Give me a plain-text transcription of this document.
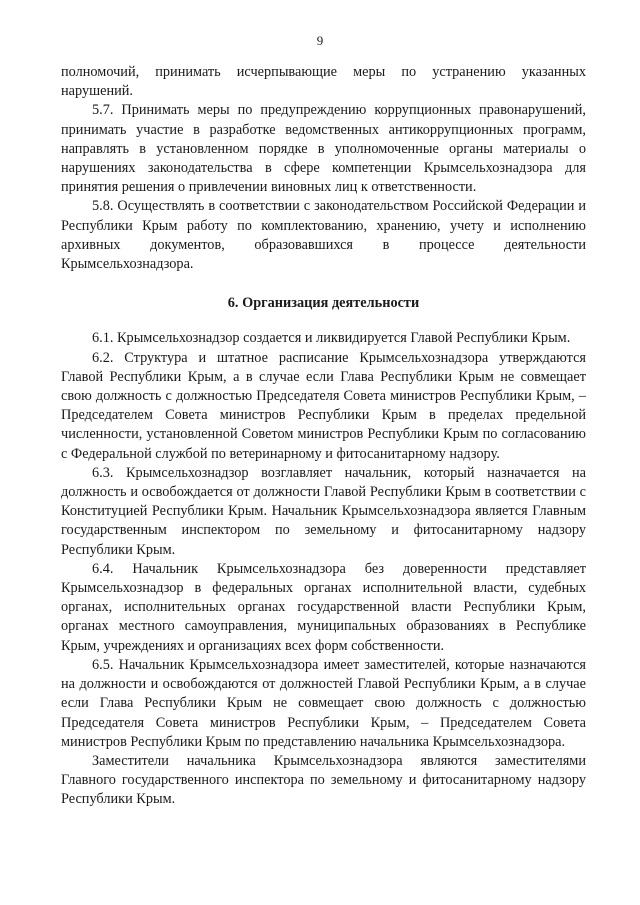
9

полномочий, принимать исчерпывающие меры по устранению указанных нарушений.

5.7. Принимать меры по предупреждению коррупционных правонарушений, принимать участие в разработке ведомственных антикоррупционных программ, направлять в установленном порядке в уполномоченные органы материалы о нарушениях законодательства в сфере компетенции Крымсельхознадзора для принятия решения о привлечении виновных лиц к ответственности.

5.8. Осуществлять в соответствии с законодательством Российской Федерации и Республики Крым работу по комплектованию, хранению, учету и исполнению архивных документов, образовавшихся в процессе деятельности Крымсельхознадзора.

6. Организация деятельности

6.1. Крымсельхознадзор создается и ликвидируется Главой Республики Крым.

6.2. Структура и штатное расписание Крымсельхознадзора утверждаются Главой Республики Крым, а в случае если Глава Республики Крым не совмещает свою должность с должностью Председателя Совета министров Республики Крым, – Председателем Совета министров Республики Крым в пределах предельной численности, установленной Советом министров Республики Крым по согласованию с Федеральной службой по ветеринарному и фитосанитарному надзору.

6.3. Крымсельхознадзор возглавляет начальник, который назначается на должность и освобождается от должности Главой Республики Крым в соответствии с Конституцией Республики Крым. Начальник Крымсельхознадзора является Главным государственным инспектором по земельному и фитосанитарному надзору Республики Крым.

6.4. Начальник Крымсельхознадзора без доверенности представляет Крымсельхознадзор в федеральных органах исполнительной власти, судебных органах, исполнительных органах государственной власти Республики Крым, органах местного самоуправления, муниципальных образованиях в Республике Крым, учреждениях и организациях всех форм собственности.

6.5. Начальник Крымсельхознадзора имеет заместителей, которые назначаются на должности и освобождаются от должностей Главой Республики Крым, а в случае если Глава Республики Крым не совмещает свою должность с должностью Председателя Совета министров Республики Крым, – Председателем Совета министров Республики Крым по представлению начальника Крымсельхознадзора.

Заместители начальника Крымсельхознадзора являются заместителями Главного государственного инспектора по земельному и фитосанитарному надзору Республики Крым.
